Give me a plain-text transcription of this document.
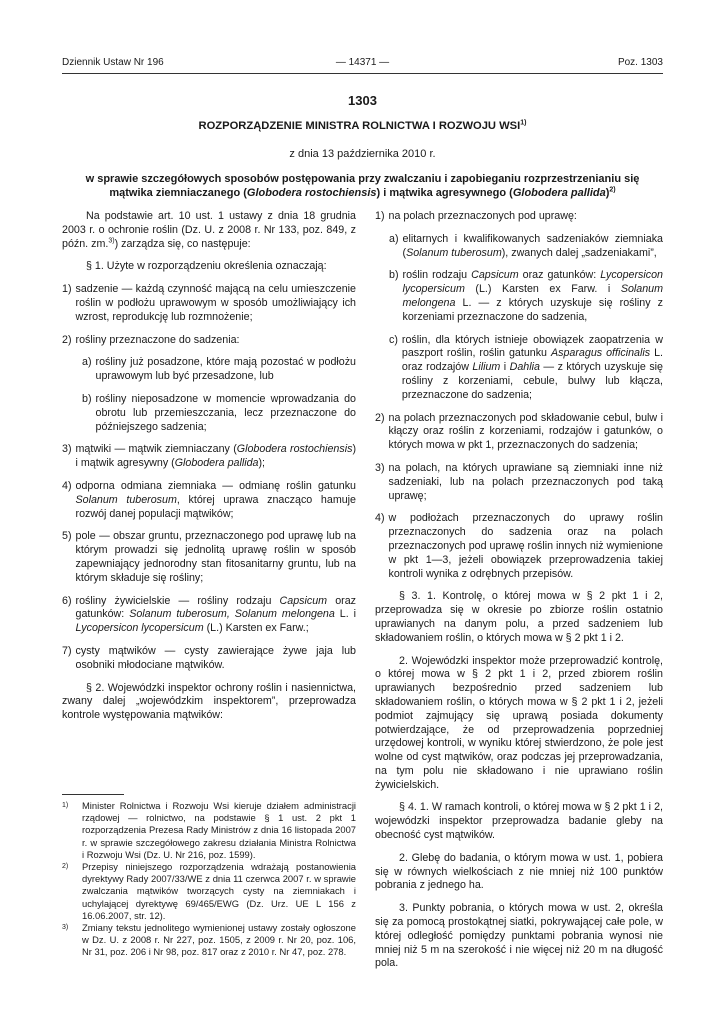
Dziennik Ustaw Nr 196	— 14371 —	Poz. 1303
1303
ROZPORZĄDZENIE MINISTRA ROLNICTWA I ROZWOJU WSI$^{1)}$
z dnia 13 października 2010 r.
w sprawie szczegółowych sposobów postępowania przy zwalczaniu i zapobieganiu rozprzestrzenianiu się
mątwika ziemniaczanego (Globodera rostochiensis) i mątwika agresywnego (Globodera pallida)$^{2)}$

Na podstawie art. 10 ust. 1 ustawy z dnia 18 grudnia 2003 r. o ochronie roślin (Dz. U. z 2008 r. Nr 133, poz. 849, z późn. zm.$^{3)}$) zarządza się, co następuje:

§ 1. Użyte w rozporządzeniu określenia oznaczają:

1) sadzenie — każdą czynność mającą na celu umieszczenie roślin w podłożu uprawowym w sposób umożliwiający ich wzrost, reprodukcję lub rozmnożenie;
2) rośliny przeznaczone do sadzenia:
a) rośliny już posadzone, które mają pozostać w podłożu uprawowym lub być przesadzone, lub
b) rośliny nieposadzone w momencie wprowadzania do obrotu lub przemieszczania, lecz przeznaczone do późniejszego sadzenia;
3) mątwiki — mątwik ziemniaczany (Globodera rostochiensis) i mątwik agresywny (Globodera pallida);
4) odporna odmiana ziemniaka — odmianę roślin gatunku Solanum tuberosum, której uprawa znacząco hamuje rozwój danej populacji mątwików;
5) pole — obszar gruntu, przeznaczonego pod uprawę lub na którym prowadzi się jednolitą uprawę roślin w sposób zapewniający jednorodny stan fitosanitarny gruntu, lub na którym składuje się rośliny;
6) rośliny żywicielskie — rośliny rodzaju Capsicum oraz gatunków: Solanum tuberosum, Solanum melongena L. i Lycopersicon lycopersicum (L.) Karsten ex Farw.;
7) cysty mątwików — cysty zawierające żywe jaja lub osobniki młodociane mątwików.

§ 2. Wojewódzki inspektor ochrony roślin i nasiennictwa, zwany dalej „wojewódzkim inspektorem”, przeprowadza kontrole występowania mątwików:

1)	Minister Rolnictwa i Rozwoju Wsi kieruje działem administracji rządowej — rolnictwo, na podstawie § 1 ust. 2 pkt 1 rozporządzenia Prezesa Rady Ministrów z dnia 16 listopada 2007 r. w sprawie szczegółowego zakresu działania Ministra Rolnictwa i Rozwoju Wsi (Dz. U. Nr 216, poz. 1599).
2)	Przepisy niniejszego rozporządzenia wdrażają postanowienia dyrektywy Rady 2007/33/WE z dnia 11 czerwca 2007 r. w sprawie zwalczania mątwików tworzących cysty na ziemniakach i uchylającej dyrektywę 69/465/EWG (Dz. Urz. UE L 156 z 16.06.2007, str. 12).
3)	Zmiany tekstu jednolitego wymienionej ustawy zostały ogłoszone w Dz. U. z 2008 r. Nr 227, poz. 1505, z 2009 r. Nr 20, poz. 106, Nr 31, poz. 206 i Nr 98, poz. 817 oraz z 2010 r. Nr 47, poz. 278.
1) na polach przeznaczonych pod uprawę:
a) elitarnych i kwalifikowanych sadzeniaków ziemniaka (Solanum tuberosum), zwanych dalej „sadzeniakami”,
b) roślin rodzaju Capsicum oraz gatunków: Lycopersicon lycopersicum (L.) Karsten ex Farw. i Solanum melongena L. — z których uzyskuje się rośliny z korzeniami przeznaczone do sadzenia,
c) roślin, dla których istnieje obowiązek zaopatrzenia w paszport roślin, roślin gatunku Asparagus officinalis L. oraz rodzajów Lilium i Dahlia — z których uzyskuje się rośliny z korzeniami, cebule, bulwy lub kłącza, przeznaczone do sadzenia;
2) na polach przeznaczonych pod składowanie cebul, bulw i kłączy oraz roślin z korzeniami, rodzajów i gatunków, o których mowa w pkt 1, przeznaczonych do sadzenia;
3) na polach, na których uprawiane są ziemniaki inne niż sadzeniaki, lub na polach przeznaczonych pod taką uprawę;
4) w podłożach przeznaczonych do uprawy roślin przeznaczonych do sadzenia oraz na polach przeznaczonych pod uprawę roślin innych niż wymienione w pkt 1—3, jeżeli obowiązek przeprowadzenia takiej kontroli wynika z odrębnych przepisów.

§ 3. 1. Kontrolę, o której mowa w § 2 pkt 1 i 2, przeprowadza się w okresie po zbiorze roślin ostatnio uprawianych na danym polu, a przed sadzeniem lub składowaniem roślin, o których mowa w § 2 pkt 1 i 2.

2. Wojewódzki inspektor może przeprowadzić kontrolę, o której mowa w § 2 pkt 1 i 2, przed zbiorem roślin uprawianych bezpośrednio przed sadzeniem lub składowaniem roślin, o których mowa w § 2 pkt 1 i 2, jeżeli podmiot zajmujący się uprawą posiada dokumenty potwierdzające, że od przeprowadzenia poprzedniej urzędowej kontroli, w wyniku której stwierdzono, że pole jest wolne od cyst mątwików, oraz podczas jej przeprowadzania, na tym polu nie składowano i nie uprawiano roślin żywicielskich.

§ 4. 1. W ramach kontroli, o której mowa w § 2 pkt 1 i 2, wojewódzki inspektor przeprowadza badanie gleby na obecność cyst mątwików.

2. Glebę do badania, o którym mowa w ust. 1, pobiera się w równych wielkościach z nie mniej niż 100 punktów pobrania z jednego ha.

3. Punkty pobrania, o których mowa w ust. 2, określa się za pomocą prostokątnej siatki, pokrywającej całe pole, w której odległość pomiędzy punktami pobrania wynosi nie mniej niż 5 m na szerokość i nie więcej niż 20 m na długość pola.
